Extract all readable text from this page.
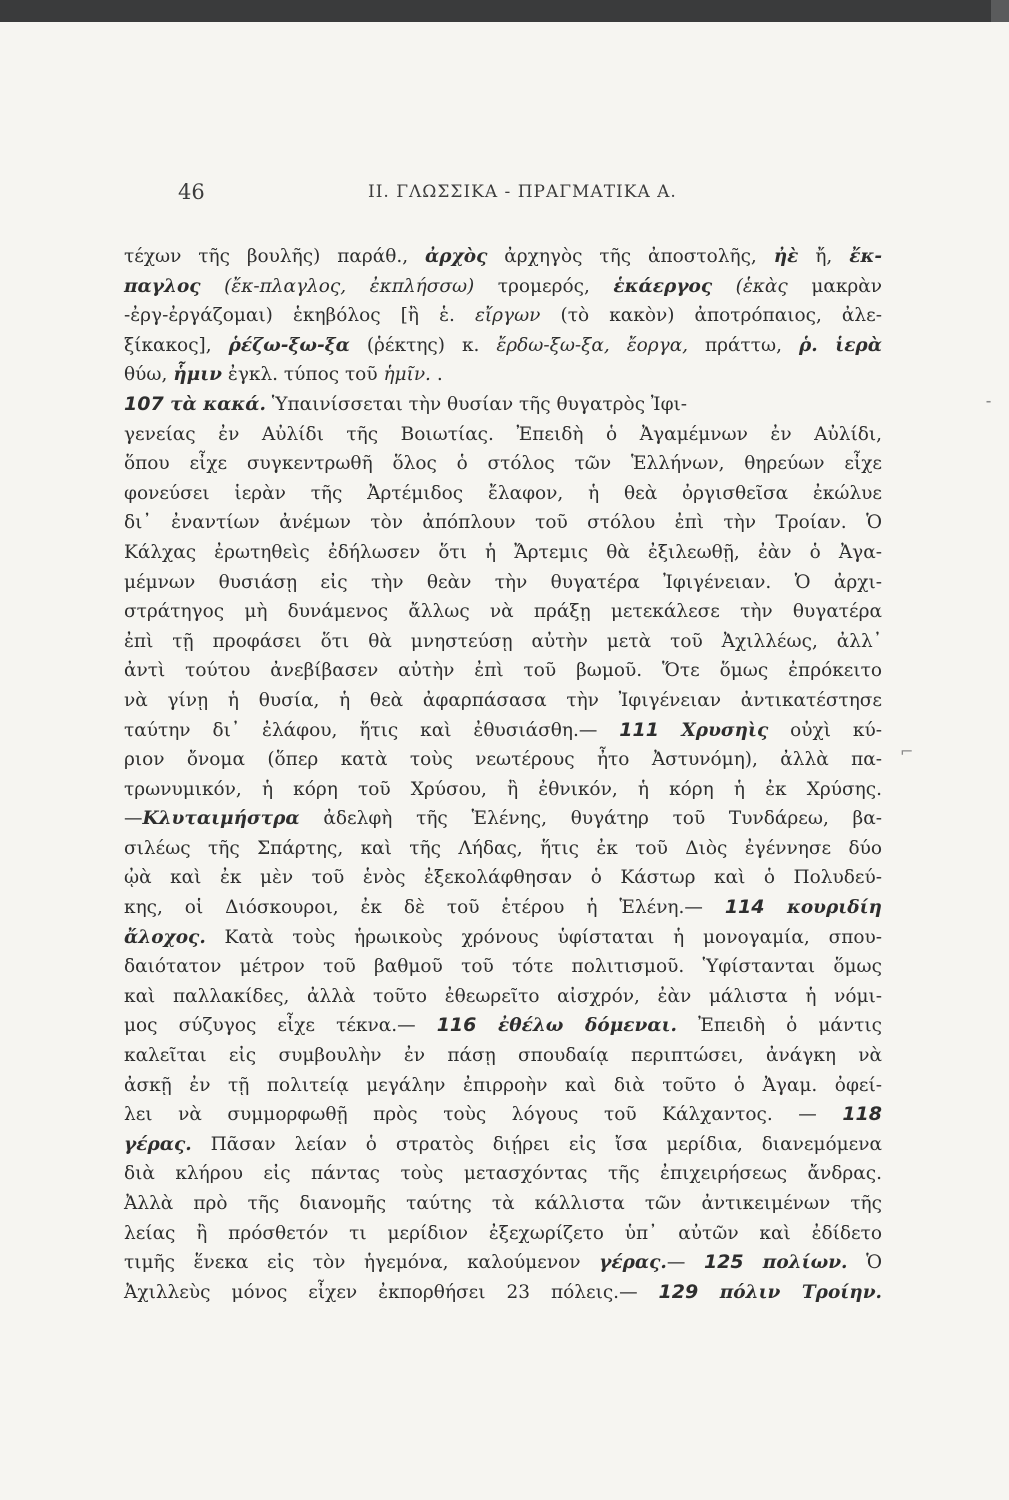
46	II. ΓΛΩΣΣΙΚΑ - ΠΡΑΓΜΑΤΙΚΑ Α.
τέχων τῆς βουλῆς) παράθ., ἀρχὸς ἀρχηγὸς τῆς ἀποστολῆς, ἠὲ ἤ, ἔκ-
παγλος (ἔκ-πλαγλος, ἐκπλήσσω) τρομερός, ἑκάεργος (ἑκὰς μακρὰν
-ἐργ-ἐργάζομαι) ἑκηβόλος [ἢ ἑ. εἴργων (τὸ κακὸν) ἀποτρόπαιος, ἀλε-
ξίκακος], ῥέζω-ξω-ξα (ῥέκτης) κ. ἔρδω-ξω-ξα, ἔοργα, πράττω, ῥ. ἱερὰ
θύω, ἧμιν ἐγκλ. τύπος τοῦ ἡμῖν. .
107 τὰ κακά. Ὑπαινίσσεται τὴν θυσίαν τῆς θυγατρὸς Ἰφι-
γενείας ἐν Αὐλίδι τῆς Βοιωτίας. Ἐπειδὴ ὁ Ἀγαμέμνων ἐν Αὐλίδι,
ὅπου εἶχε συγκεντρωθῆ ὅλος ὁ στόλος τῶν Ἑλλήνων, θηρεύων εἶχε
φονεύσει ἱερὰν τῆς Ἀρτέμιδος ἔλαφον, ἡ θεὰ ὀργισθεῖσα ἐκώλυε
δι᾿ ἐναντίων ἀνέμων τὸν ἀπόπλουν τοῦ στόλου ἐπὶ τὴν Τροίαν. Ὁ
Κάλχας ἐρωτηθεὶς ἐδήλωσεν ὅτι ἡ Ἄρτεμις θὰ ἐξιλεωθῇ, ἐὰν ὁ Ἀγα-
μέμνων θυσιάσῃ εἰς τὴν θεὰν τὴν θυγατέρα Ἰφιγένειαν. Ὁ ἀρχι-
στράτηγος μὴ δυνάμενος ἄλλως νὰ πράξῃ μετεκάλεσε τὴν θυγατέρα
ἐπὶ τῇ προφάσει ὅτι θὰ μνηστεύσῃ αὐτὴν μετὰ τοῦ Ἀχιλλέως, ἀλλ᾿
ἀντὶ τούτου ἀνεβίβασεν αὐτὴν ἐπὶ τοῦ βωμοῦ. Ὅτε ὅμως ἐπρόκειτο
νὰ γίνῃ ἡ θυσία, ἡ θεὰ ἀφαρπάσασα τὴν Ἰφιγένειαν ἀντικατέστησε
ταύτην δι᾿ ἐλάφου, ἥτις καὶ ἐθυσιάσθη.— 111 Χρυσηὶς οὐχὶ κύ-
ριον ὄνομα (ὅπερ κατὰ τοὺς νεωτέρους ἦτο Ἀστυνόμη), ἀλλὰ πα-
τρωνυμικόν, ἡ κόρη τοῦ Χρύσου, ἢ ἐθνικόν, ἡ κόρη ἡ ἐκ Χρύσης.
—Κλυταιμήστρα ἀδελφὴ τῆς Ἑλένης, θυγάτηρ τοῦ Τυνδάρεω, βα-
σιλέως τῆς Σπάρτης, καὶ τῆς Λήδας, ἥτις ἐκ τοῦ Διὸς ἐγέννησε δύο
ᾠὰ καὶ ἐκ μὲν τοῦ ἑνὸς ἐξεκολάφθησαν ὁ Κάστωρ καὶ ὁ Πολυδεύ-
κης, οἱ Διόσκουροι, ἐκ δὲ τοῦ ἑτέρου ἡ Ἑλένη.— 114 κουριδίη
ἄλοχος. Κατὰ τοὺς ἡρωικοὺς χρόνους ὑφίσταται ἡ μονογαμία, σπου-
δαιότατον μέτρον τοῦ βαθμοῦ τοῦ τότε πολιτισμοῦ. Ὑφίστανται ὅμως
καὶ παλλακίδες, ἀλλὰ τοῦτο ἐθεωρεῖτο αἰσχρόν, ἐὰν μάλιστα ἡ νόμι-
μος σύζυγος εἶχε τέκνα.— 116 ἐθέλω δόμεναι. Ἐπειδὴ ὁ μάντις
καλεῖται εἰς συμβουλὴν ἐν πάσῃ σπουδαίᾳ περιπτώσει, ἀνάγκη νὰ
ἀσκῇ ἐν τῇ πολιτείᾳ μεγάλην ἐπιρροὴν καὶ διὰ τοῦτο ὁ Ἀγαμ. ὀφεί-
λει νὰ συμμορφωθῇ πρὸς τοὺς λόγους τοῦ Κάλχαντος. — 118
γέρας. Πᾶσαν λείαν ὁ στρατὸς διῄρει εἰς ἴσα μερίδια, διανεμόμενα
διὰ κλήρου εἰς πάντας τοὺς μετασχόντας τῆς ἐπιχειρήσεως ἄνδρας.
Ἀλλὰ πρὸ τῆς διανομῆς ταύτης τὰ κάλλιστα τῶν ἀντικειμένων τῆς
λείας ἢ πρόσθετόν τι μερίδιον ἐξεχωρίζετο ὑπ᾿ αὐτῶν καὶ ἐδίδετο
τιμῆς ἕνεκα εἰς τὸν ἡγεμόνα, καλούμενον γέρας.— 125 πολίων. Ὁ
Ἀχιλλεὺς μόνος εἶχεν ἐκπορθήσει 23 πόλεις.— 129 πόλιν Τροίην.
⁃
⌐
